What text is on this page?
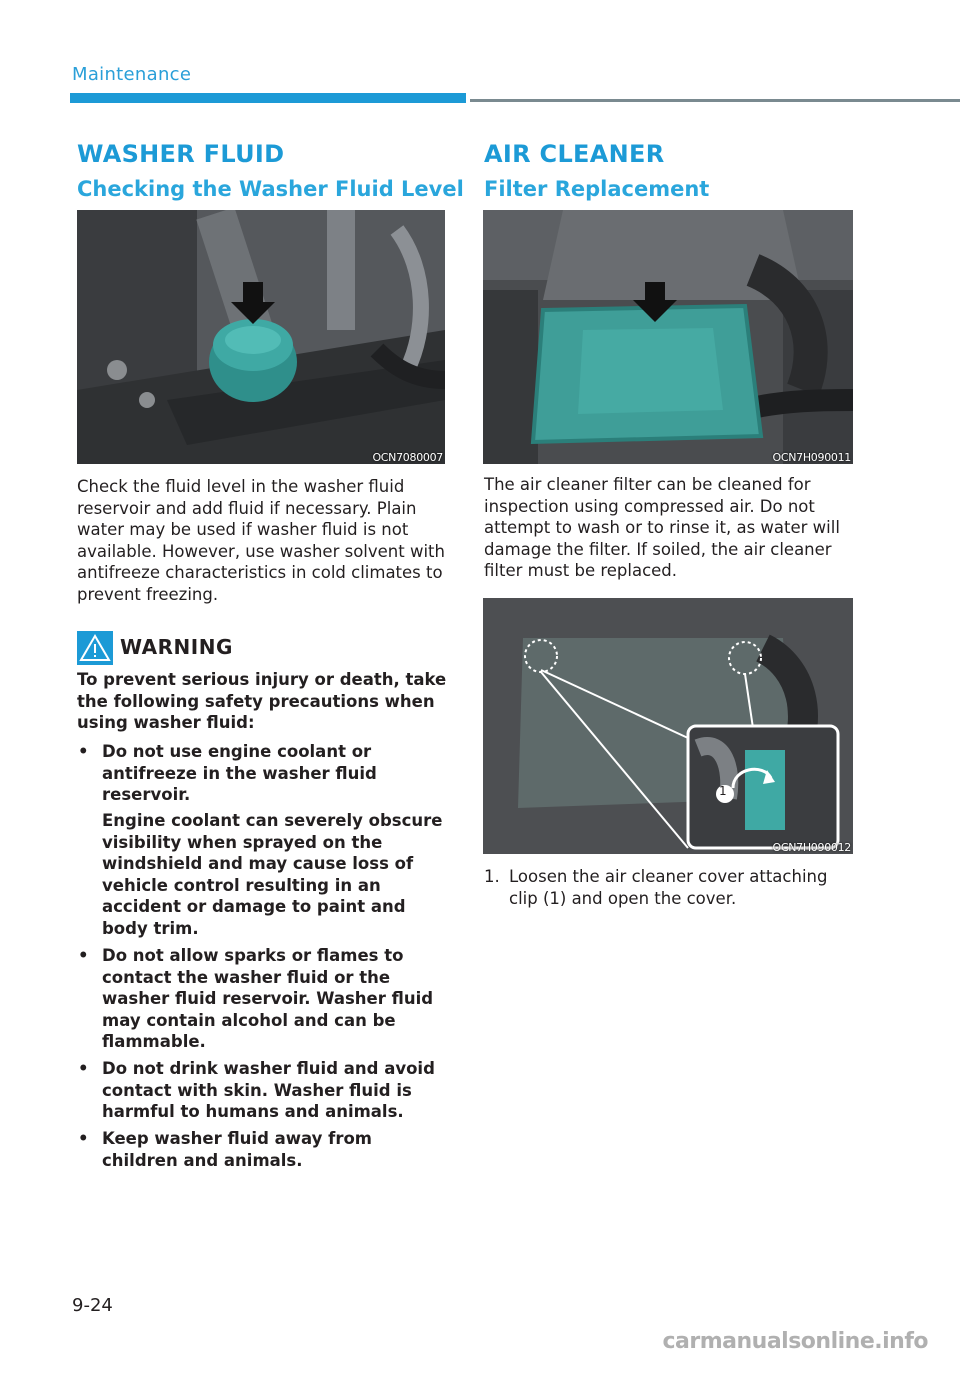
Maintenance
WASHER FLUID
Checking the Washer Fluid Level
OCN7080007
Check the fluid level in the washer fluid reservoir and add fluid if necessary. Plain water may be used if washer fluid is not available. However, use washer solvent with antifreeze characteristics in cold climates to prevent freezing.
WARNING
To prevent serious injury or death, take the following safety precautions when using washer fluid:
• Do not use engine coolant or antifreeze in the washer fluid reservoir.
Engine coolant can severely obscure visibility when sprayed on the windshield and may cause loss of vehicle control resulting in an accident or damage to paint and body trim.
• Do not allow sparks or flames to contact the washer fluid or the washer fluid reservoir. Washer fluid may contain alcohol and can be flammable.
• Do not drink washer fluid and avoid contact with skin. Washer fluid is harmful to humans and animals.
• Keep washer fluid away from children and animals.
AIR CLEANER
Filter Replacement
OCN7H090011
The air cleaner filter can be cleaned for inspection using compressed air. Do not attempt to wash or to rinse it, as water will damage the filter. If soiled, the air cleaner filter must be replaced.
1
OCN7H090012
1. Loosen the air cleaner cover attaching clip (1) and open the cover.
9-24
carmanualsonline.info
